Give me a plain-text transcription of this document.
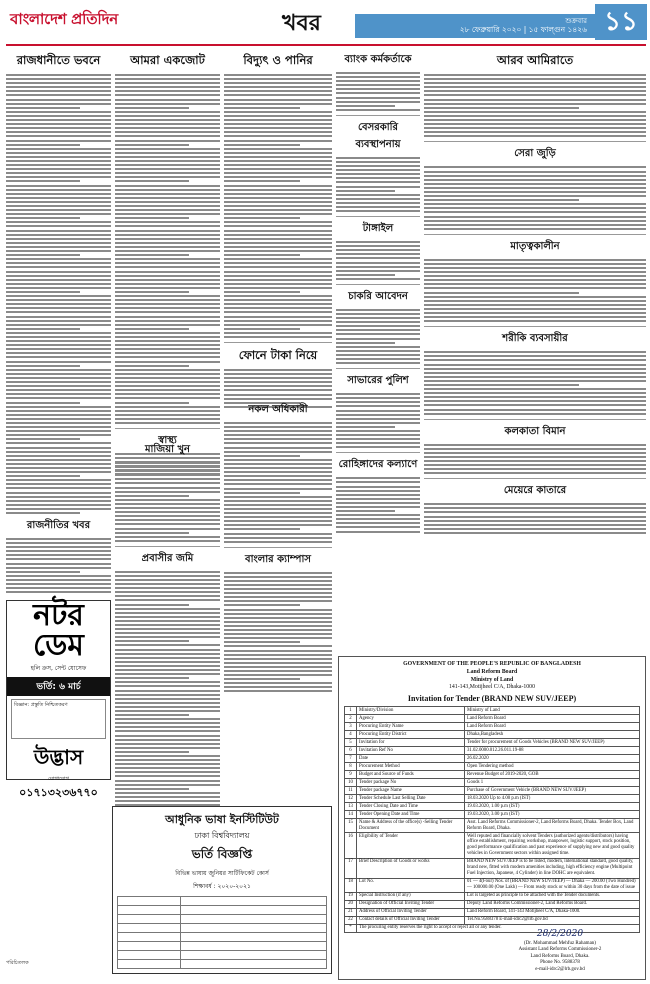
বাংলাদেশ প্রতিদিন	খবর	শুক্রবার
২৮ ফেব্রুয়ারি ২০২০ | ১৫ ফাল্গুন ১৪২৬ ১১
রাজধানীতে ভবনে	আমরা একজোট
স্বাস্থ্য
বিদ্যুৎ ও পানির
ফোনে টাকা নিয়ে
ব্যাংক কর্মকর্তাকে
বেসরকারি ব্যবস্থাপনায়
টাঙ্গাইল
চাকরি আবেদন
সাভারের পুলিশ
রোহিঙ্গাদের কল্যাণে
আরব আমিরাতে
সেরা জুড়ি
মাতৃত্বকালীন
শরীকি ব্যবসায়ীর
কলকাতা বিমান
মেয়েরে কাতারে
নকল অধিকারী
বাংলার ক্যাম্পাস
মাজিয়া খুন
প্রবাসীর জমি
রাজনীতির খবর
নটর ডেম
হলি ক্রস, সেন্ট যোসেফ
ভর্তি: ৬ মার্চ
বিজ্ঞান: প্রস্তুতি নিশ্চিতকরণ
উদ্ভাস
যোগাযোগ
০১৭১৩২৩৬৭৭০
আধুনিক ভাষা ইনস্টিটিউট
ঢাকা বিশ্ববিদ্যালয়
ভর্তি বিজ্ঞপ্তি
বিভিন্ন ভাষায় জুনিয়র সার্টিফিকেট কোর্স
শিক্ষাবর্ষ : ২০২০-২০২১

GOVERNMENT OF THE PEOPLE'S REPUBLIC OF BANGLADESH
Land Reform Board
Ministry of Land
141-143,Motijheel C/A, Dhaka-1000
Invitation for Tender (BRAND NEW SUV/JEEP)
1	Ministry/Division	Ministry of Land
2	Agency	Land Reform Board
3	Procuring Entity Name	Land Reform Board
4	Procuring Entity District	Dhaka,Bangladesh
5	Invitation for	Tender for procurement of Goods Vehicles (BRAND NEW SUV/JEEP)
6	Invitation Ref No	31.02.0000.012.26.011.19-88
7	Date	26.02.2020
8	Procurement Method	Open Tendering method
9	Budget and Source of Funds	Revenue Budget of 2019-2020, GOB
10	Tender package No	Goods 1
11	Tender package Name	Purchase of Government Vehicle (BRAND NEW SUV/JEEP)
12	Tender Schedule Last Selling Date	18.03.2020 Up to 4.00 p.m (IST)
13	Tender Closing Date and Time	19.03.2020, 1.00 p.m (IST)
14	Tender Opening Date and Time	19.03.2020, 3.00 p.m (IST)
15	Name & Address of the office(s) -Selling Tender Document	Asst. Land Reforms Commissioner-2, Land Reforms Board, Dhaka. Tender Box, Land Reform Board, Dhaka.
16	Eligibility of Tender	Well reputed and financially solvent Tenders (authorized agents/distributors) having office establishment, repairing workshop, manpower, logistic support, stock position, good performance qualification and past experience of supplying new and good quality vehicles in Government sectors within assigned time.
17	Brief Description of Goods or works	BRAND NEW SUV/JEEP is to be listed, modern, international standard, good quality, brand new, fitted with modern amenities including, high efficiency engine (Multipoint Fuel Injection, Japanese, 4 Cylinder) in line DOHC are equivalent.
18	Lot No.	01 — 4(Four) Nos. of (BRAND NEW SUV/JEEP) — Dhaka — 200.00 (Two Hundred) — 100000.00 (One Lakh) — From ready stock or within 30 days from the date of issue
19	Special Instruction (if any)	Lot is targeted as principle to be attached with the Tender documents.
20	Designation of Official Inviting Tender	Deputy Land Reforms Commissioner-2, Land Reforms Board.
21	Address of Official Inviting Tender	Land Reform Board, 141-143 Motijheel C/A, Dhaka-1000.
22	Contact details of Official Inviting Tender	Tel.No.9588378 E-mail-idrc2@lrb.gov.bd
*	The procuring entity reserves the right to accept or reject all or any tender.	
28/2/2020
(Dr. Mohammad Mehfuz Rahaman)
Assistant Land Reforms Commissioner-2
Land Reforms Board, Dhaka.
Phone No. 9588378
e-mail-idrc2@lrb.gov.bd
পরিচিতলক
